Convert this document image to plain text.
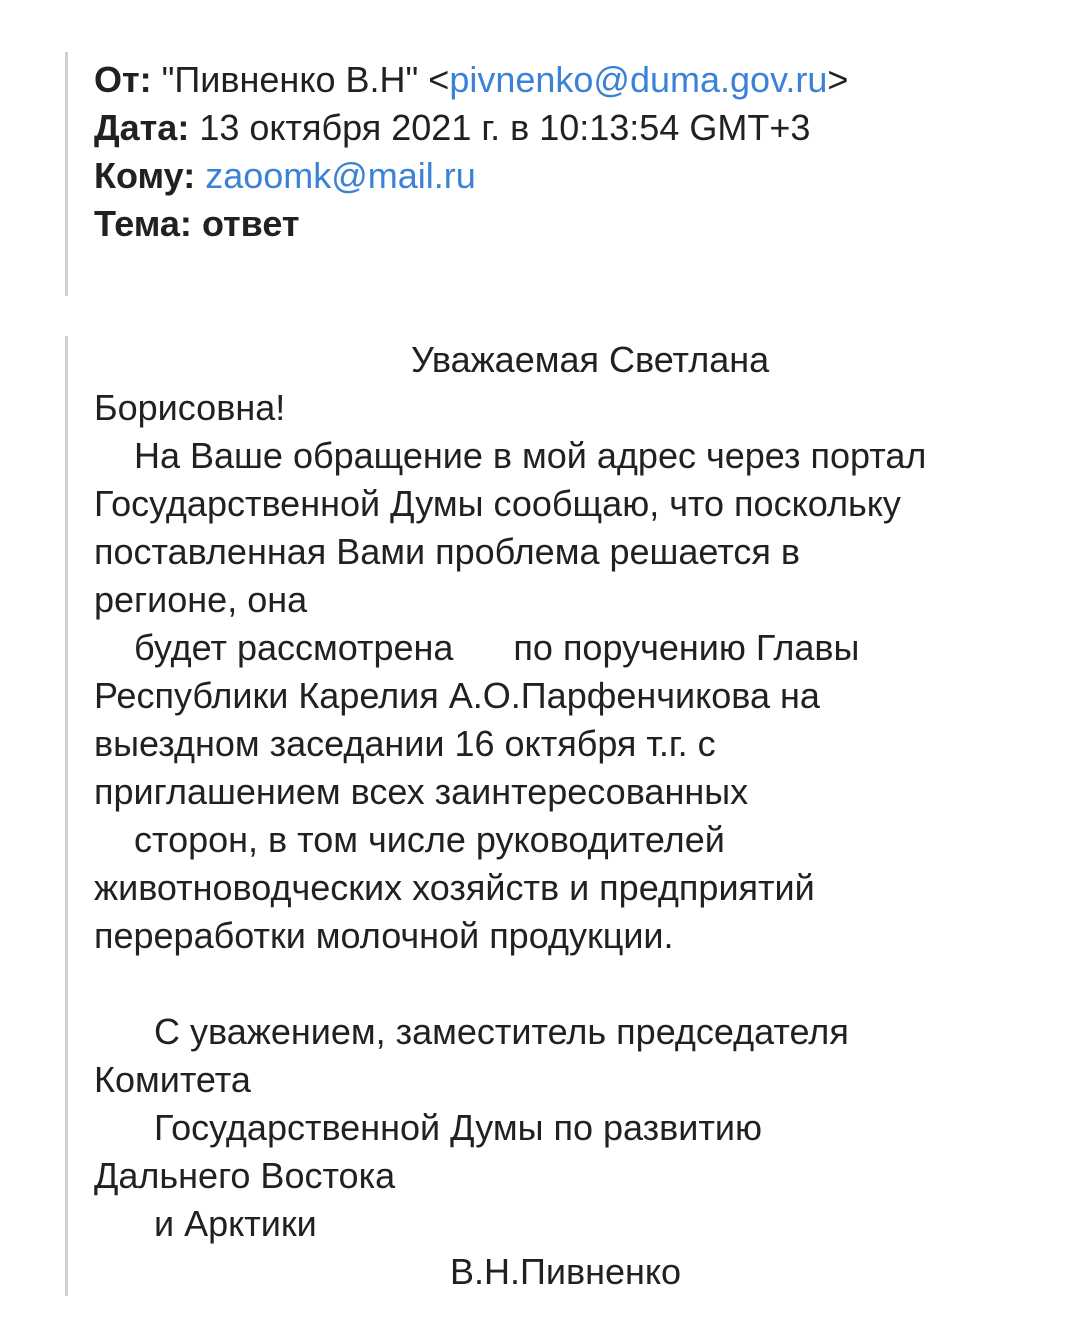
От: "Пивненко В.Н" <pivnenko@duma.gov.ru>
Дата: 13 октября 2021 г. в 10:13:54 GMT+3
Кому: zaoomk@mail.ru
Тема: ответ
Уважаемая Светлана
Борисовна!
На Ваше обращение в мой адрес через портал
Государственной Думы сообщаю, что поскольку
поставленная Вами проблема решается в
регионе, она
будет рассмотрена      по поручению Главы
Республики Карелия А.О.Парфенчикова на
выездном заседании 16 октября т.г. с
приглашением всех заинтересованных
сторон, в том числе руководителей
животноводческих хозяйств и предприятий
переработки молочной продукции.
С уважением, заместитель председателя
Комитета
Государственной Думы по развитию
Дальнего Востока
и Арктики
В.Н.Пивненко
